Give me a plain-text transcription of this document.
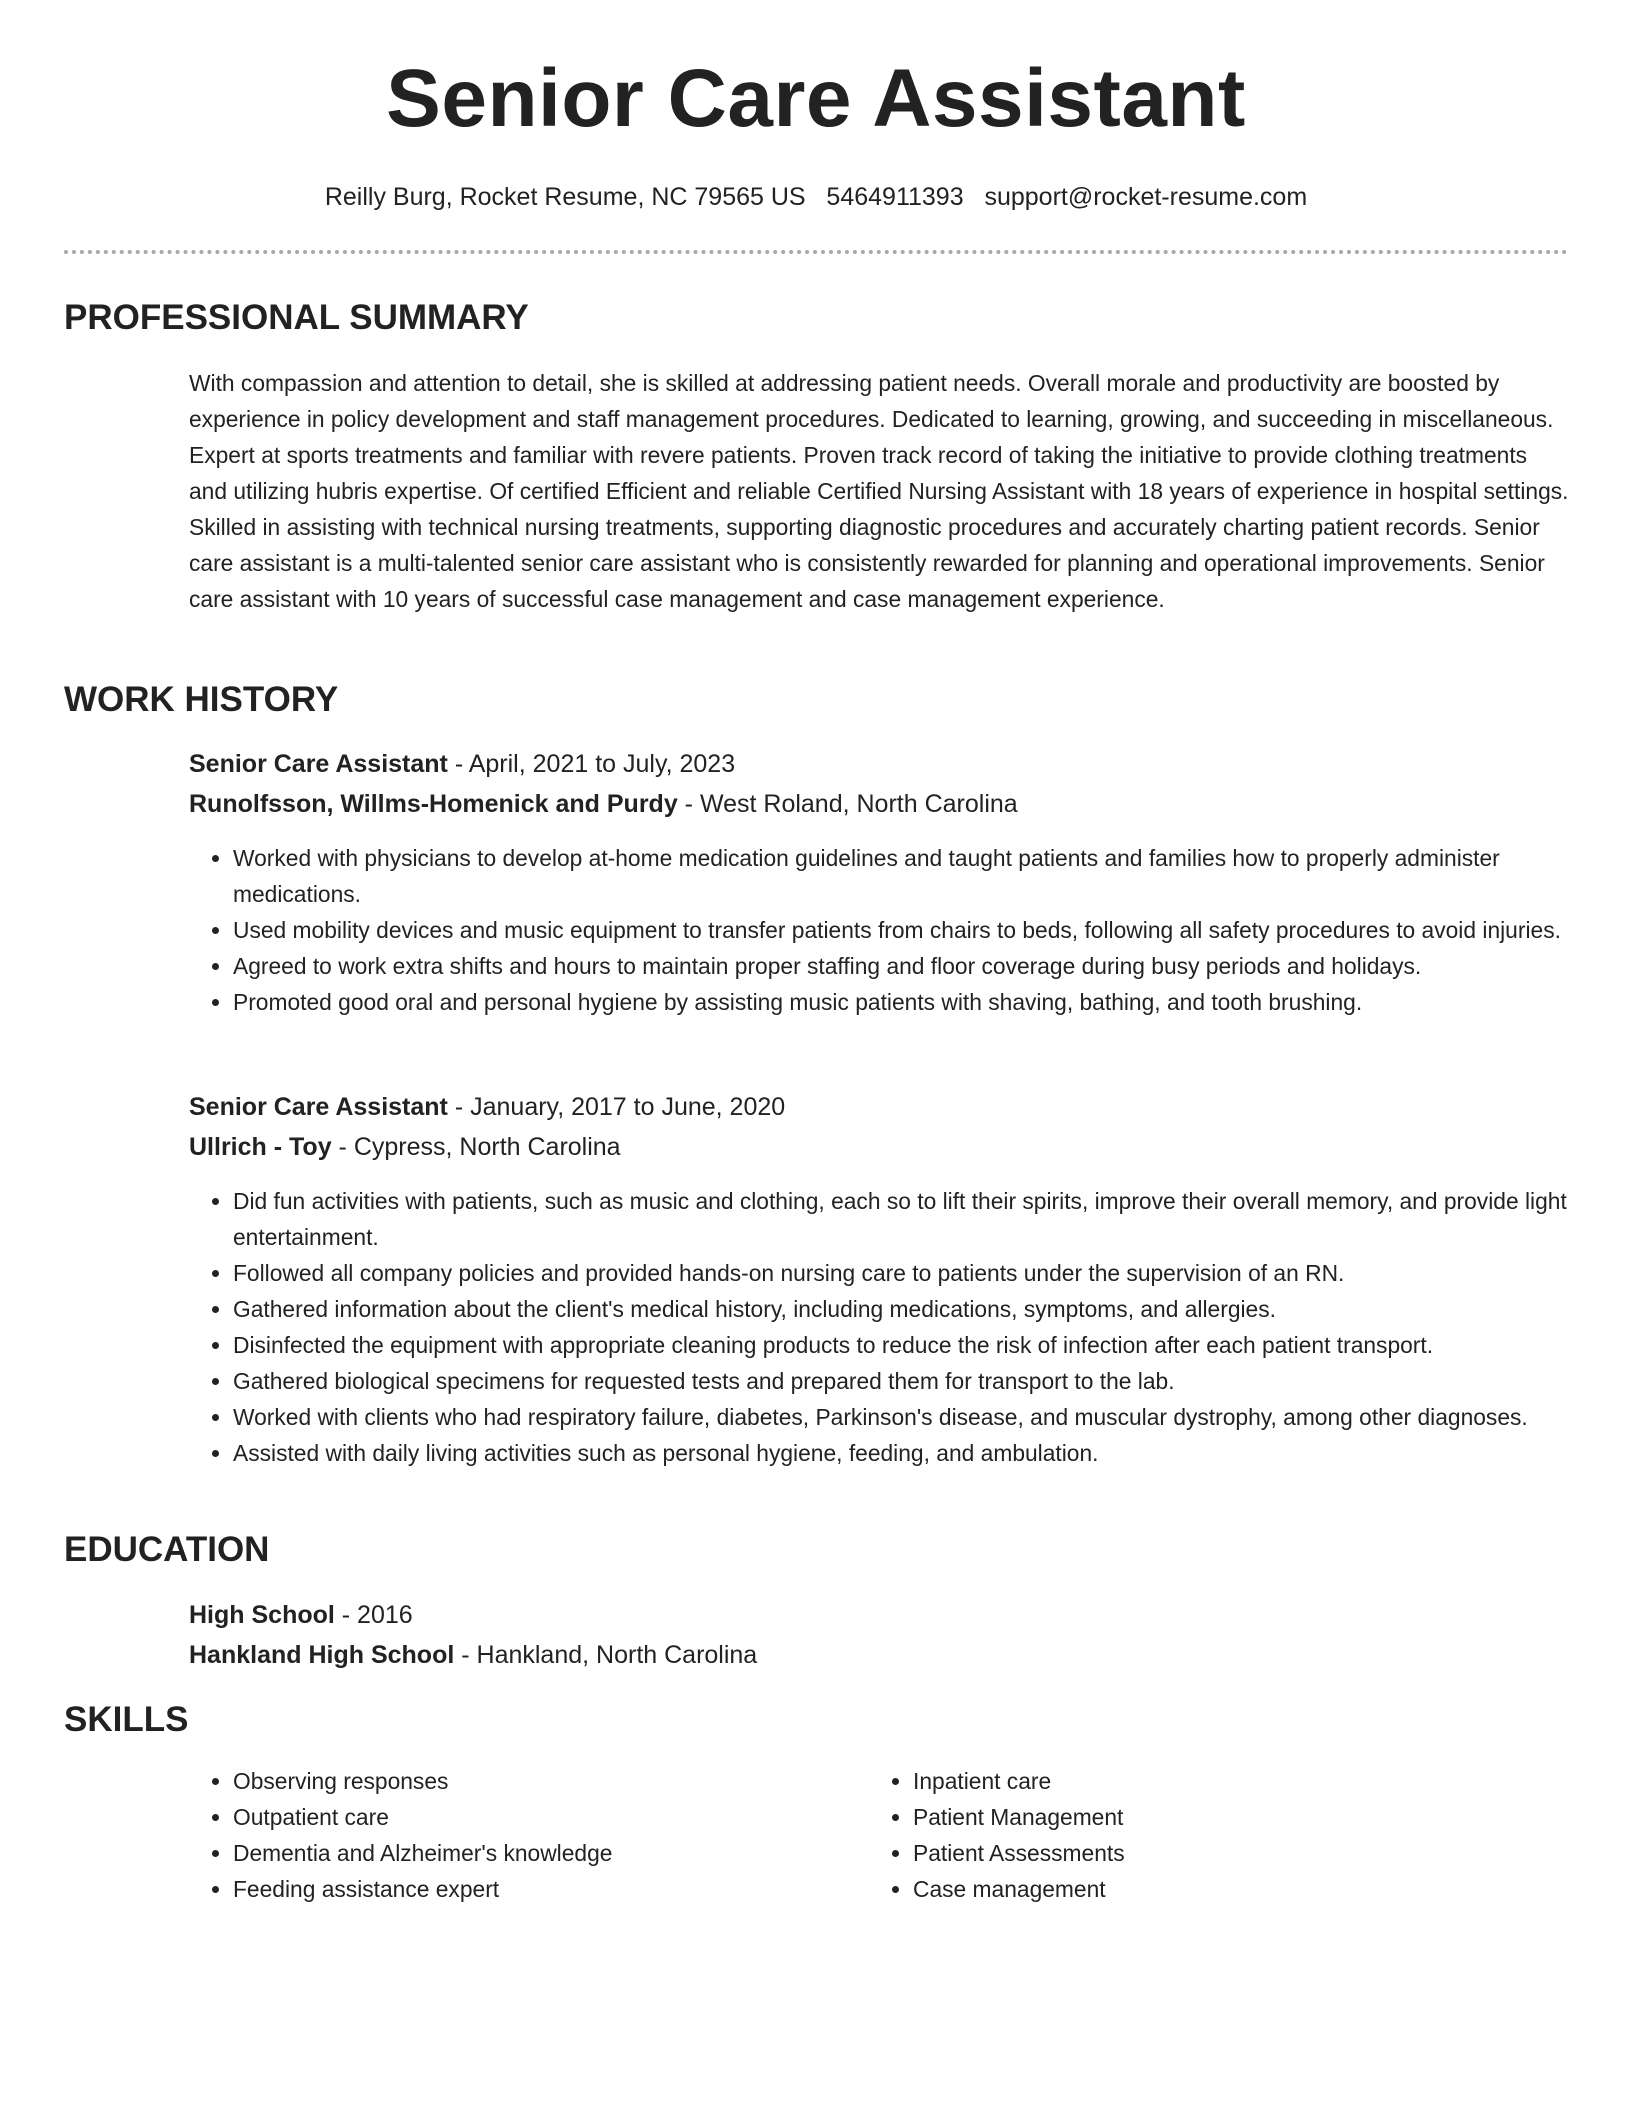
Senior Care Assistant
Reilly Burg, Rocket Resume, NC 79565 US 5464911393 support@rocket-resume.com
PROFESSIONAL SUMMARY
With compassion and attention to detail, she is skilled at addressing patient needs. Overall morale and productivity are boosted by experience in policy development and staff management procedures. Dedicated to learning, growing, and succeeding in miscellaneous. Expert at sports treatments and familiar with revere patients. Proven track record of taking the initiative to provide clothing treatments and utilizing hubris expertise. Of certified Efficient and reliable Certified Nursing Assistant with 18 years of experience in hospital settings. Skilled in assisting with technical nursing treatments, supporting diagnostic procedures and accurately charting patient records. Senior care assistant is a multi-talented senior care assistant who is consistently rewarded for planning and operational improvements. Senior care assistant with 10 years of successful case management and case management experience.
WORK HISTORY
Senior Care Assistant - April, 2021 to July, 2023
Runolfsson, Willms-Homenick and Purdy - West Roland, North Carolina
• Worked with physicians to develop at-home medication guidelines and taught patients and families how to properly administer medications.
• Used mobility devices and music equipment to transfer patients from chairs to beds, following all safety procedures to avoid injuries.
• Agreed to work extra shifts and hours to maintain proper staffing and floor coverage during busy periods and holidays.
• Promoted good oral and personal hygiene by assisting music patients with shaving, bathing, and tooth brushing.
Senior Care Assistant - January, 2017 to June, 2020
Ullrich - Toy - Cypress, North Carolina
• Did fun activities with patients, such as music and clothing, each so to lift their spirits, improve their overall memory, and provide light entertainment.
• Followed all company policies and provided hands-on nursing care to patients under the supervision of an RN.
• Gathered information about the client's medical history, including medications, symptoms, and allergies.
• Disinfected the equipment with appropriate cleaning products to reduce the risk of infection after each patient transport.
• Gathered biological specimens for requested tests and prepared them for transport to the lab.
• Worked with clients who had respiratory failure, diabetes, Parkinson's disease, and muscular dystrophy, among other diagnoses.
• Assisted with daily living activities such as personal hygiene, feeding, and ambulation.
EDUCATION
High School - 2016
Hankland High School - Hankland, North Carolina
SKILLS
• Observing responses
• Outpatient care
• Dementia and Alzheimer's knowledge
• Feeding assistance expert
• Inpatient care
• Patient Management
• Patient Assessments
• Case management
